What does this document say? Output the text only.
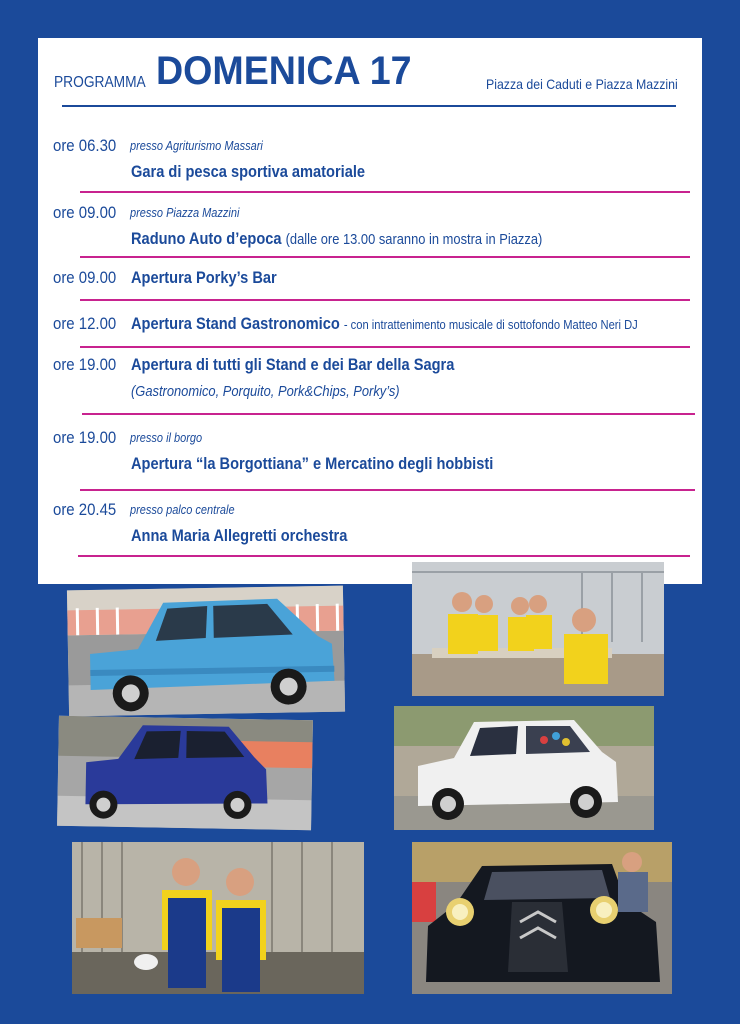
PROGRAMMA DOMENICA 17	Piazza dei Caduti e Piazza Mazzini
ore 06.30 presso Agriturismo Massari
Gara di pesca sportiva amatoriale
ore 09.00 presso Piazza Mazzini
Raduno Auto d’epoca (dalle ore 13.00 saranno in mostra in Piazza)
ore 09.00 Apertura Porky’s Bar
ore 12.00 Apertura Stand Gastronomico - con intrattenimento musicale di sottofondo Matteo Neri DJ
ore 19.00 Apertura di tutti gli Stand e dei Bar della Sagra
(Gastronomico, Porquito, Pork&Chips, Porky’s)
ore 19.00 presso il borgo
Apertura “la Borgottiana” e Mercatino degli hobbisti
ore 20.45 presso palco centrale
Anna Maria Allegretti orchestra
